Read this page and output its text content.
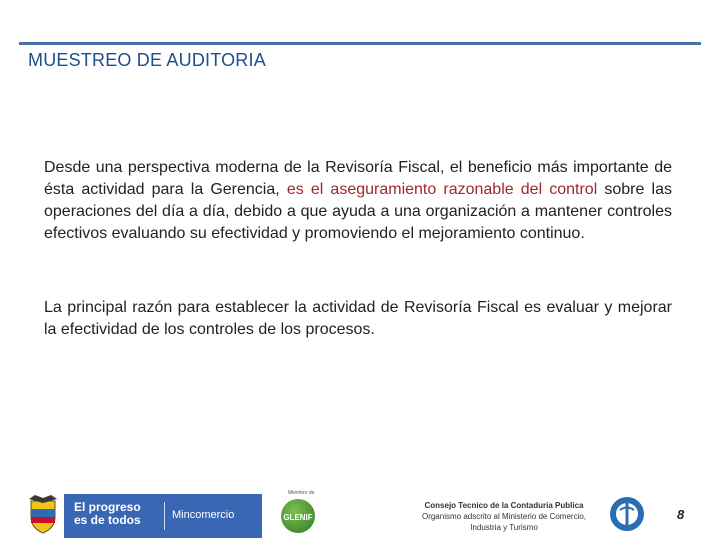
MUESTREO DE AUDITORIA
Desde una perspectiva moderna de la Revisoría Fiscal, el beneficio más importante de ésta actividad para la Gerencia, es el aseguramiento razonable del control sobre las operaciones del día a día, debido a que ayuda a una organización a mantener controles efectivos evaluando su efectividad y promoviendo el mejoramiento continuo.
La principal razón para establecer la actividad de Revisoría Fiscal es evaluar y mejorar la efectividad de los controles de los procesos.
El progreso es de todos	Mincomercio
Miembro de
GLENIF
Consejo Tecnico de la Contaduria Publica
Organismo adscrito al Ministerio de Comercio, Industria y Turismo
8
